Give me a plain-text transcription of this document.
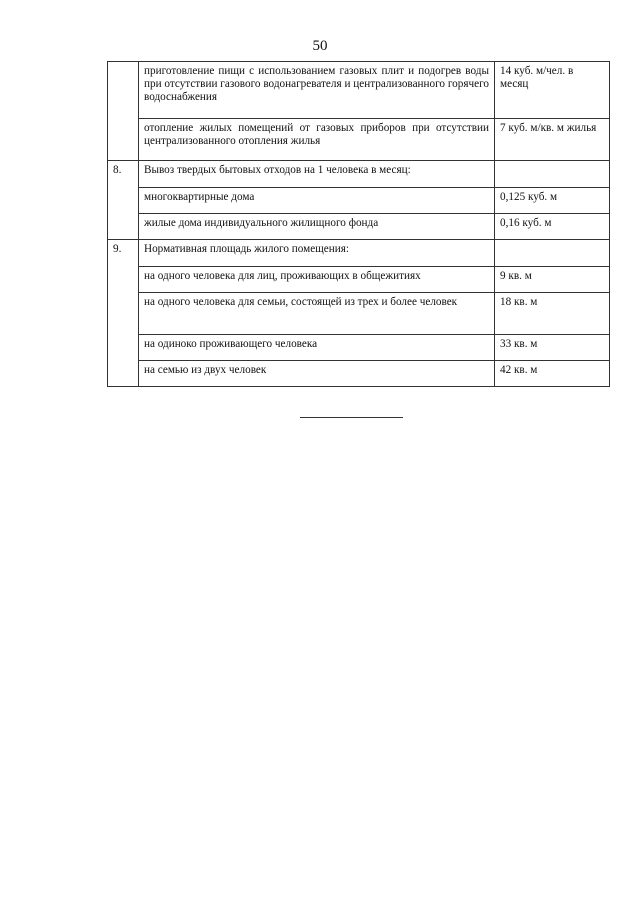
50
	приготовление пищи с использованием газовых плит и подогрев воды при отсутствии газового водонагревателя и централизованного горячего водоснабжения	14 куб. м/чел. в месяц
	отопление жилых помещений от газовых приборов при отсутствии централизованного отопления жилья	7 куб. м/кв. м жилья
8.	Вывоз твердых бытовых отходов на 1 человека в месяц:	
	многоквартирные дома	0,125 куб. м
	жилые дома индивидуального жилищного фонда	0,16 куб. м
9.	Нормативная площадь жилого помещения:	
	на одного человека для лиц, проживающих в общежитиях	9 кв. м
	на одного человека для семьи, состоящей из трех и более человек	18 кв. м
	на одиноко проживающего человека	33 кв. м
	на семью из двух человек	42 кв. м
